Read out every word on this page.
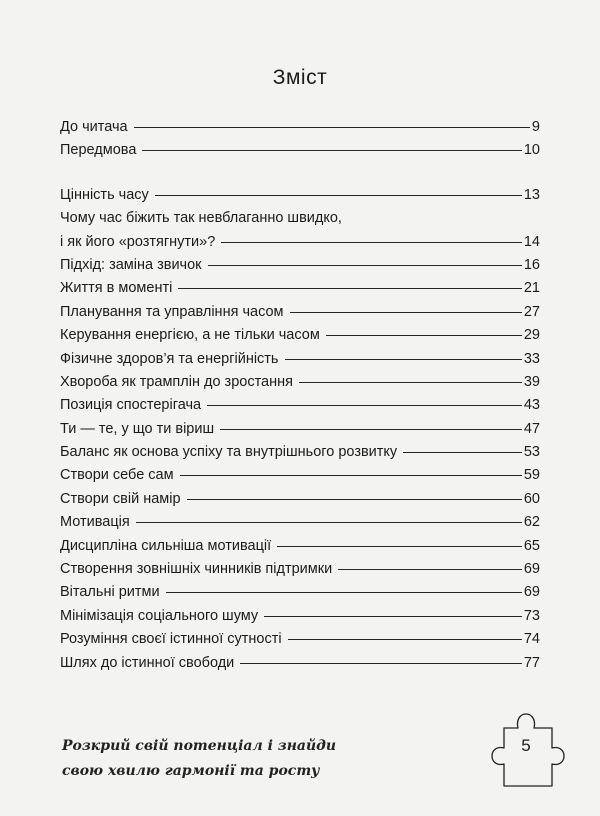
Зміст
До читача	9
Передмова	10
Цінність часу	13
Чому час біжить так невблаганно швидко,
і як його «розтягнути»?	14
Підхід: заміна звичок	16
Життя в моменті	21
Планування та управління часом	27
Керування енергією, а не тільки часом	29
Фізичне здоров’я та енергійність	33
Хвороба як трамплін до зростання	39
Позиція спостерігача	43
Ти — те, у що ти віриш	47
Баланс як основа успіху та внутрішнього розвитку	53
Створи себе сам	59
Створи свій намір	60
Мотивація	62
Дисципліна сильніша мотивації	65
Створення зовнішніх чинників підтримки	69
Вітальні ритми	69
Мінімізація соціального шуму	73
Розуміння своєї істинної сутності	74
Шлях до істинної свободи	77
Розкрий свій потенціал і знайди
свою хвилю гармонії та росту
5
